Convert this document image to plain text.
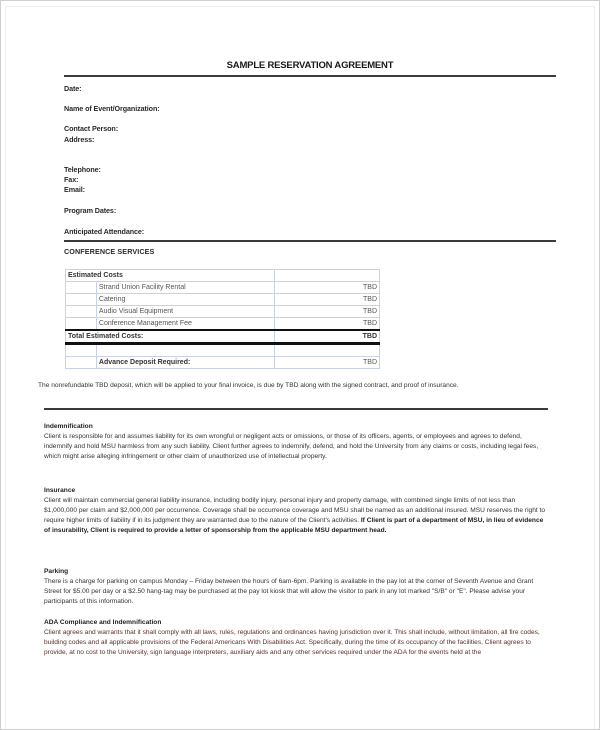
SAMPLE RESERVATION AGREEMENT
Date:
Name of Event/Organization:
Contact Person:
Address:
Telephone:
Fax:
Email:
Program Dates:
Anticipated Attendance:
CONFERENCE SERVICES
Estimated Costs		
	Strand Union Facility Rental	TBD
	Catering	TBD
	Audio Visual Equipment	TBD
	Conference Management Fee	TBD
Total Estimated Costs:		TBD

	Advance Deposit Required:	TBD
The nonrefundable TBD deposit, which will be applied to your final invoice, is due by TBD along with the signed contract, and proof of insurance.
Indemnification
Client is responsible for and assumes liability for its own wrongful or negligent acts or omissions, or those of its officers, agents, or employees and agrees to defend, indemnify and hold MSU harmless from any such liability. Client further agrees to indemnify, defend, and hold the University from any claims or costs, including legal fees, which might arise alleging infringement or other claim of unauthorized use of intellectual property.
Insurance
Client will maintain commercial general liability insurance, including bodily injury, personal injury and property damage, with combined single limits of not less than $1,000,000 per claim and $2,000,000 per occurrence. Coverage shall be occurrence coverage and MSU shall be named as an additional insured. MSU reserves the right to require higher limits of liability if in its judgment they are warranted due to the nature of the Client's activities. If Client is part of a department of MSU, in lieu of evidence of insurability, Client is required to provide a letter of sponsorship from the applicable MSU department head.
Parking
There is a charge for parking on campus Monday – Friday between the hours of 6am-6pm. Parking is available in the pay lot at the corner of Seventh Avenue and Grant Street for $5.00 per day or a $2.50 hang-tag may be purchased at the pay lot kiosk that will allow the visitor to park in any lot marked "S/B" or "E". Please advise your participants of this information.
ADA Compliance and Indemnification
Client agrees and warrants that it shall comply with all laws, rules, regulations and ordinances having jurisdiction over it. This shall include, without limitation, all fire codes, building codes and all applicable provisions of the Federal Americans With Disabilities Act. Specifically, during the time of its occupancy of the facilities, Client agrees to provide, at no cost to the University, sign language interpreters, auxiliary aids and any other services required under the ADA for the events held at the
